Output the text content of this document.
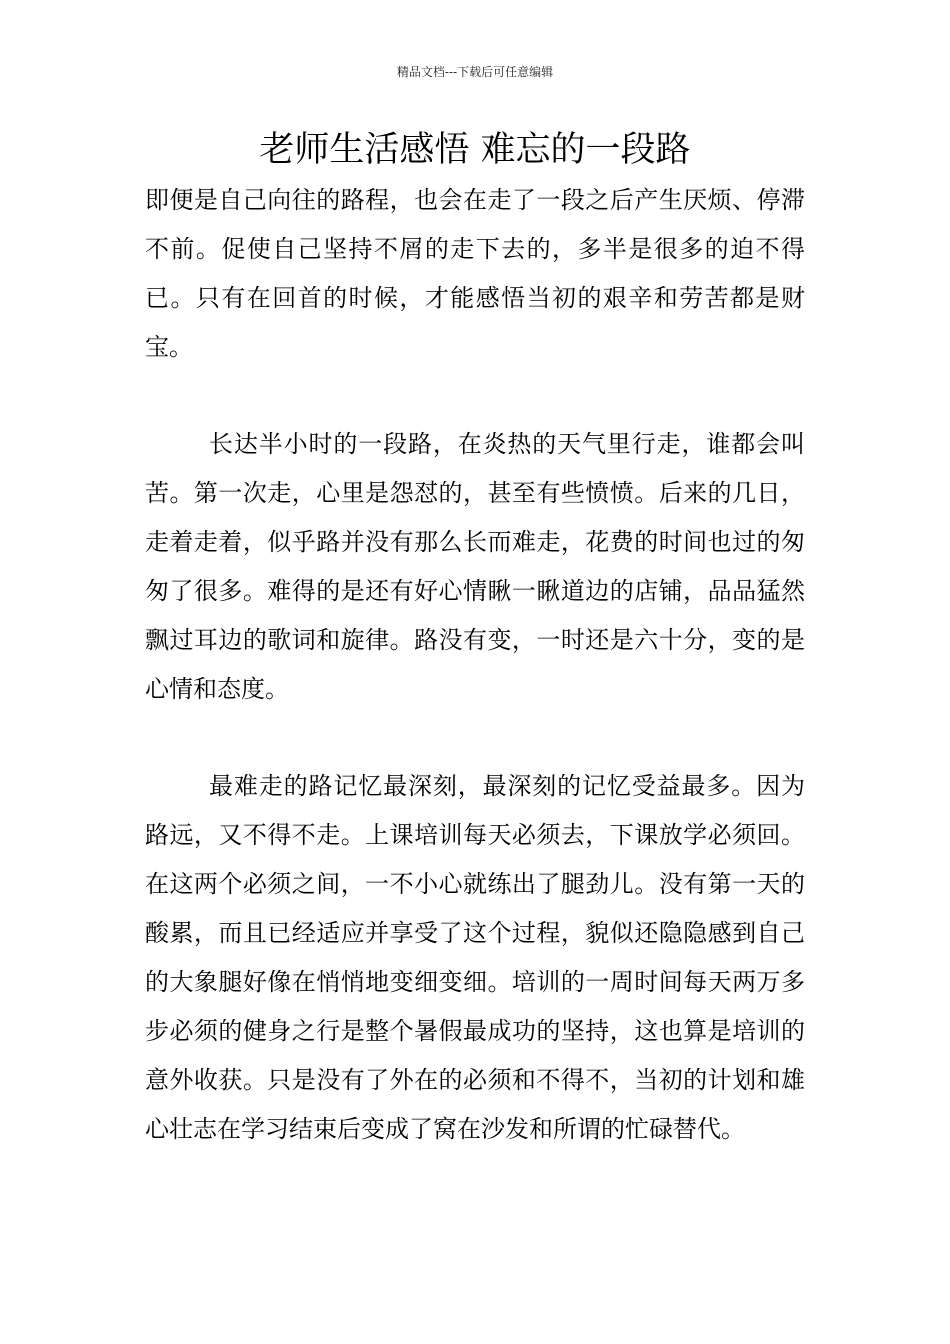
精品文档---下载后可任意编辑
老师生活感悟 难忘的一段路

即便是自己向往的路程，也会在走了一段之后产生厌烦、停滞不前。促使自己坚持不屑的走下去的，多半是很多的迫不得已。只有在回首的时候，才能感悟当初的艰辛和劳苦都是财宝。

长达半小时的一段路，在炎热的天气里行走，谁都会叫苦。第一次走，心里是怨怼的，甚至有些愤愤。后来的几日，走着走着，似乎路并没有那么长而难走，花费的时间也过的匆匆了很多。难得的是还有好心情瞅一瞅道边的店铺，品品猛然飘过耳边的歌词和旋律。路没有变，一时还是六十分，变的是心情和态度。

最难走的路记忆最深刻，最深刻的记忆受益最多。因为路远，又不得不走。上课培训每天必须去，下课放学必须回。在这两个必须之间，一不小心就练出了腿劲儿。没有第一天的酸累，而且已经适应并享受了这个过程，貌似还隐隐感到自己的大象腿好像在悄悄地变细变细。培训的一周时间每天两万多步必须的健身之行是整个暑假最成功的坚持，这也算是培训的意外收获。只是没有了外在的必须和不得不，当初的计划和雄心壮志在学习结束后变成了窝在沙发和所谓的忙碌替代。
